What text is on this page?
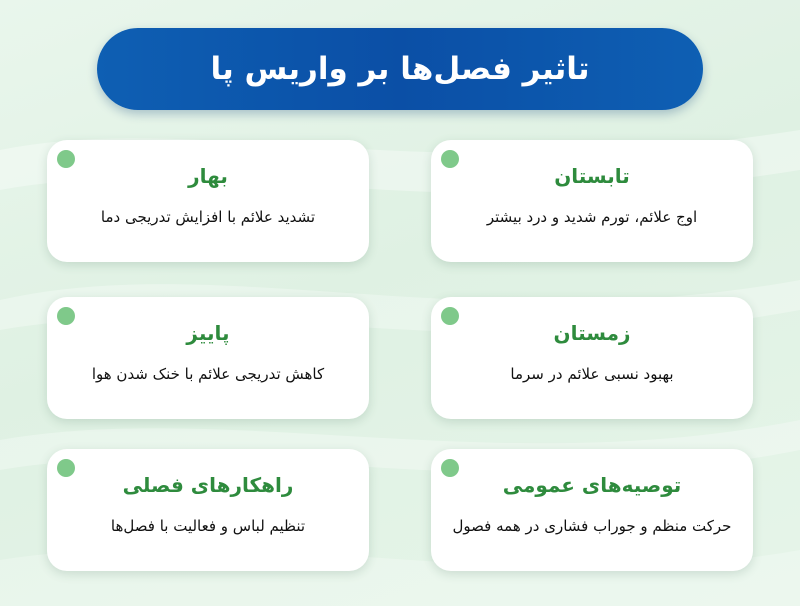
تاثیر فصل‌ها بر واریس پا
تابستان
اوج علائم، تورم شدید و درد بیشتر
بهار
تشدید علائم با افزایش تدریجی دما
زمستان
بهبود نسبی علائم در سرما
پاییز
کاهش تدریجی علائم با خنک شدن هوا
توصیه‌های عمومی
حرکت منظم و جوراب فشاری در همه فصول
راهکارهای فصلی
تنظیم لباس و فعالیت با فصل‌ها
